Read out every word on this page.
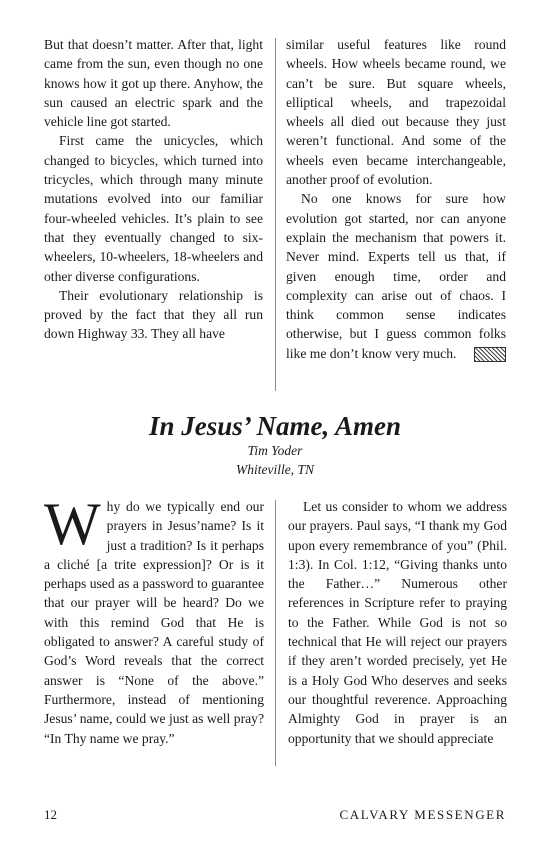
But that doesn’t matter. After that, light came from the sun, even though no one knows how it got up there. Anyhow, the sun caused an electric spark and the vehicle line got started.

First came the unicycles, which changed to bicycles, which turned into tricycles, which through many minute mutations evolved into our familiar four-wheeled vehicles. It’s plain to see that they eventually changed to six-wheelers, 10-wheelers, 18-wheelers and other diverse configurations.

Their evolutionary relationship is proved by the fact that they all run down Highway 33. They all have

similar useful features like round wheels. How wheels became round, we can’t be sure. But square wheels, elliptical wheels, and trapezoidal wheels all died out because they just weren’t functional. And some of the wheels even became interchangeable, another proof of evolution.

No one knows for sure how evolution got started, nor can anyone explain the mechanism that powers it. Never mind. Experts tell us that, if given enough time, order and complexity can arise out of chaos. I think common sense indicates otherwise, but I guess common folks like me don’t know very much.

In Jesus’ Name, Amen
Tim Yoder
Whiteville, TN

Why do we typically end our prayers in Jesus’name? Is it just a tradition? Is it perhaps a cliché [a trite expression]? Or is it perhaps used as a password to guarantee that our prayer will be heard? Do we with this remind God that He is obligated to answer? A careful study of God’s Word reveals that the correct answer is “None of the above.” Furthermore, instead of mentioning Jesus’ name, could we just as well pray? “In Thy name we pray.”

Let us consider to whom we address our prayers. Paul says, “I thank my God upon every remembrance of you” (Phil. 1:3). In Col. 1:12, “Giving thanks unto the Father…” Numerous other references in Scripture refer to praying to the Father. While God is not so technical that He will reject our prayers if they aren’t worded precisely, yet He is a Holy God Who deserves and seeks our thoughtful reverence. Approaching Almighty God in prayer is an opportunity that we should appreciate

12	CALVARY MESSENGER
